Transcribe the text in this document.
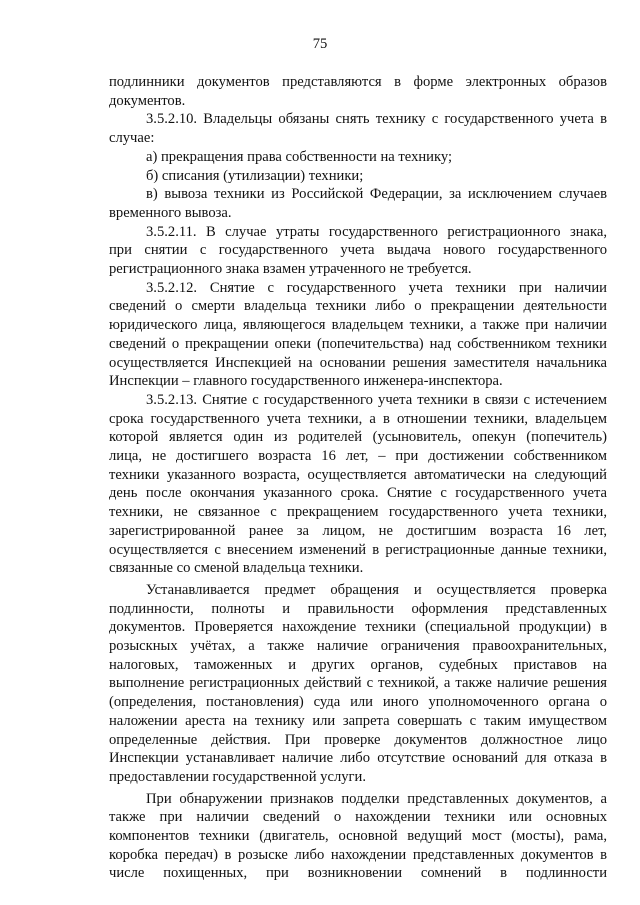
75
подлинники документов представляются в форме электронных образов
документов.
3.5.2.10. Владельцы обязаны снять технику с государственного учета в
случае:
а) прекращения права собственности на технику;
б) списания (утилизации) техники;
в) вывоза техники из Российской Федерации, за исключением случаев
временного вывоза.
3.5.2.11. В случае утраты государственного регистрационного знака,
при снятии с государственного учета выдача нового государственного
регистрационного знака взамен утраченного не требуется.
3.5.2.12. Снятие с государственного учета техники при наличии
сведений о смерти владельца техники либо о прекращении деятельности
юридического лица, являющегося владельцем техники, а также при наличии
сведений о прекращении опеки (попечительства) над собственником техники
осуществляется Инспекцией на основании решения заместителя начальника
Инспекции – главного государственного инженера-инспектора.
3.5.2.13. Снятие с государственного учета техники в связи с истечением
срока государственного учета техники, а в отношении техники, владельцем
которой является один из родителей (усыновитель, опекун (попечитель)
лица, не достигшего возраста 16 лет, – при достижении собственником
техники указанного возраста, осуществляется автоматически на следующий
день после окончания указанного срока. Снятие с государственного учета
техники, не связанное с прекращением государственного учета техники,
зарегистрированной ранее за лицом, не достигшим возраста 16 лет,
осуществляется с внесением изменений в регистрационные данные техники,
связанные со сменой владельца техники.
Устанавливается предмет обращения и осуществляется проверка
подлинности, полноты и правильности оформления представленных
документов. Проверяется нахождение техники (специальной продукции) в
розыскных учётах, а также наличие ограничения правоохранительных,
налоговых, таможенных и других органов, судебных приставов на
выполнение регистрационных действий с техникой, а также наличие решения
(определения, постановления) суда или иного уполномоченного органа о
наложении ареста на технику или запрета совершать с таким имуществом
определенные действия. При проверке документов должностное лицо
Инспекции устанавливает наличие либо отсутствие оснований для отказа в
предоставлении государственной услуги.
При обнаружении признаков подделки представленных документов, а
также при наличии сведений о нахождении техники или основных
компонентов техники (двигатель, основной ведущий мост (мосты), рама,
коробка передач) в розыске либо нахождении представленных документов в
числе похищенных, при возникновении сомнений в подлинности
